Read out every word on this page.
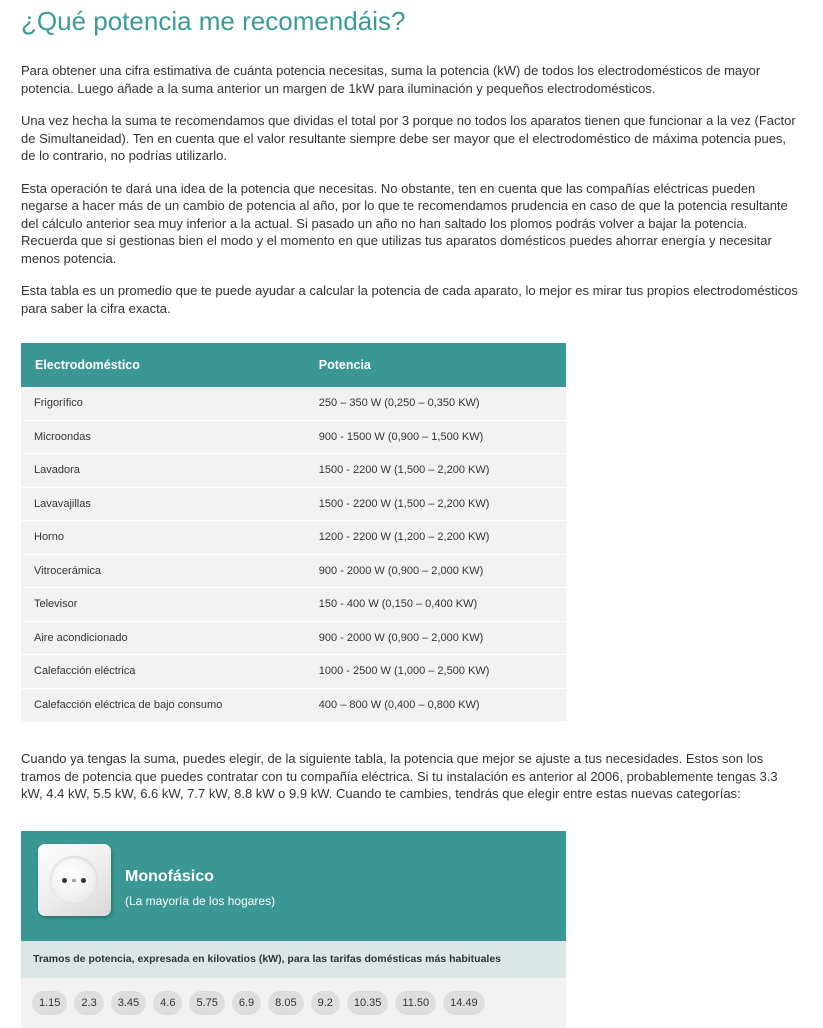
¿Qué potencia me recomendáis?

Para obtener una cifra estimativa de cuánta potencia necesitas, suma la potencia (kW) de todos los electrodomésticos de mayor potencia. Luego añade a la suma anterior un margen de 1kW para iluminación y pequeños electrodomésticos.

Una vez hecha la suma te recomendamos que dividas el total por 3 porque no todos los aparatos tienen que funcionar a la vez (Factor de Simultaneidad). Ten en cuenta que el valor resultante siempre debe ser mayor que el electrodoméstico de máxima potencia pues, de lo contrario, no podrías utilizarlo.

Esta operación te dará una idea de la potencia que necesitas. No obstante, ten en cuenta que las compañías eléctricas pueden negarse a hacer más de un cambio de potencia al año, por lo que te recomendamos prudencia en caso de que la potencia resultante del cálculo anterior sea muy inferior a la actual. Si pasado un año no han saltado los plomos podrás volver a bajar la potencia. Recuerda que si gestionas bien el modo y el momento en que utilizas tus aparatos domésticos puedes ahorrar energía y necesitar menos potencia.

Esta tabla es un promedio que te puede ayudar a calcular la potencia de cada aparato, lo mejor es mirar tus propios electrodomésticos para saber la cifra exacta.

Electrodoméstico	Potencia
Frigorífico	250 – 350 W (0,250 – 0,350 KW)
Microondas	900 - 1500 W (0,900 – 1,500 KW)
Lavadora	1500 - 2200 W (1,500 – 2,200 KW)
Lavavajillas	1500 - 2200 W (1,500 – 2,200 KW)
Horno	1200 - 2200 W (1,200 – 2,200 KW)
Vitrocerámica	900 - 2000 W (0,900 – 2,000 KW)
Televisor	150 - 400 W (0,150 – 0,400 KW)
Aire acondicionado	900 - 2000 W (0,900 – 2,000 KW)
Calefacción eléctrica	1000 - 2500 W (1,000 – 2,500 KW)
Calefacción eléctrica de bajo consumo	400 – 800 W (0,400 – 0,800 KW)

Cuando ya tengas la suma, puedes elegir, de la siguiente tabla, la potencia que mejor se ajuste a tus necesidades. Estos son los tramos de potencia que puedes contratar con tu compañía eléctrica. Si tu instalación es anterior al 2006, probablemente tengas 3.3 kW, 4.4 kW, 5.5 kW, 6.6 kW, 7.7 kW, 8.8 kW o 9.9 kW. Cuando te cambies, tendrás que elegir entre estas nuevas categorías:

Monofásico
(La mayoría de los hogares)
Tramos de potencia, expresada en kilovatios (kW), para las tarifas domésticas más habituales
1.15	2.3	3.45	4.6	5.75	6.9	8.05	9.2	10.35	11.50	14.49
